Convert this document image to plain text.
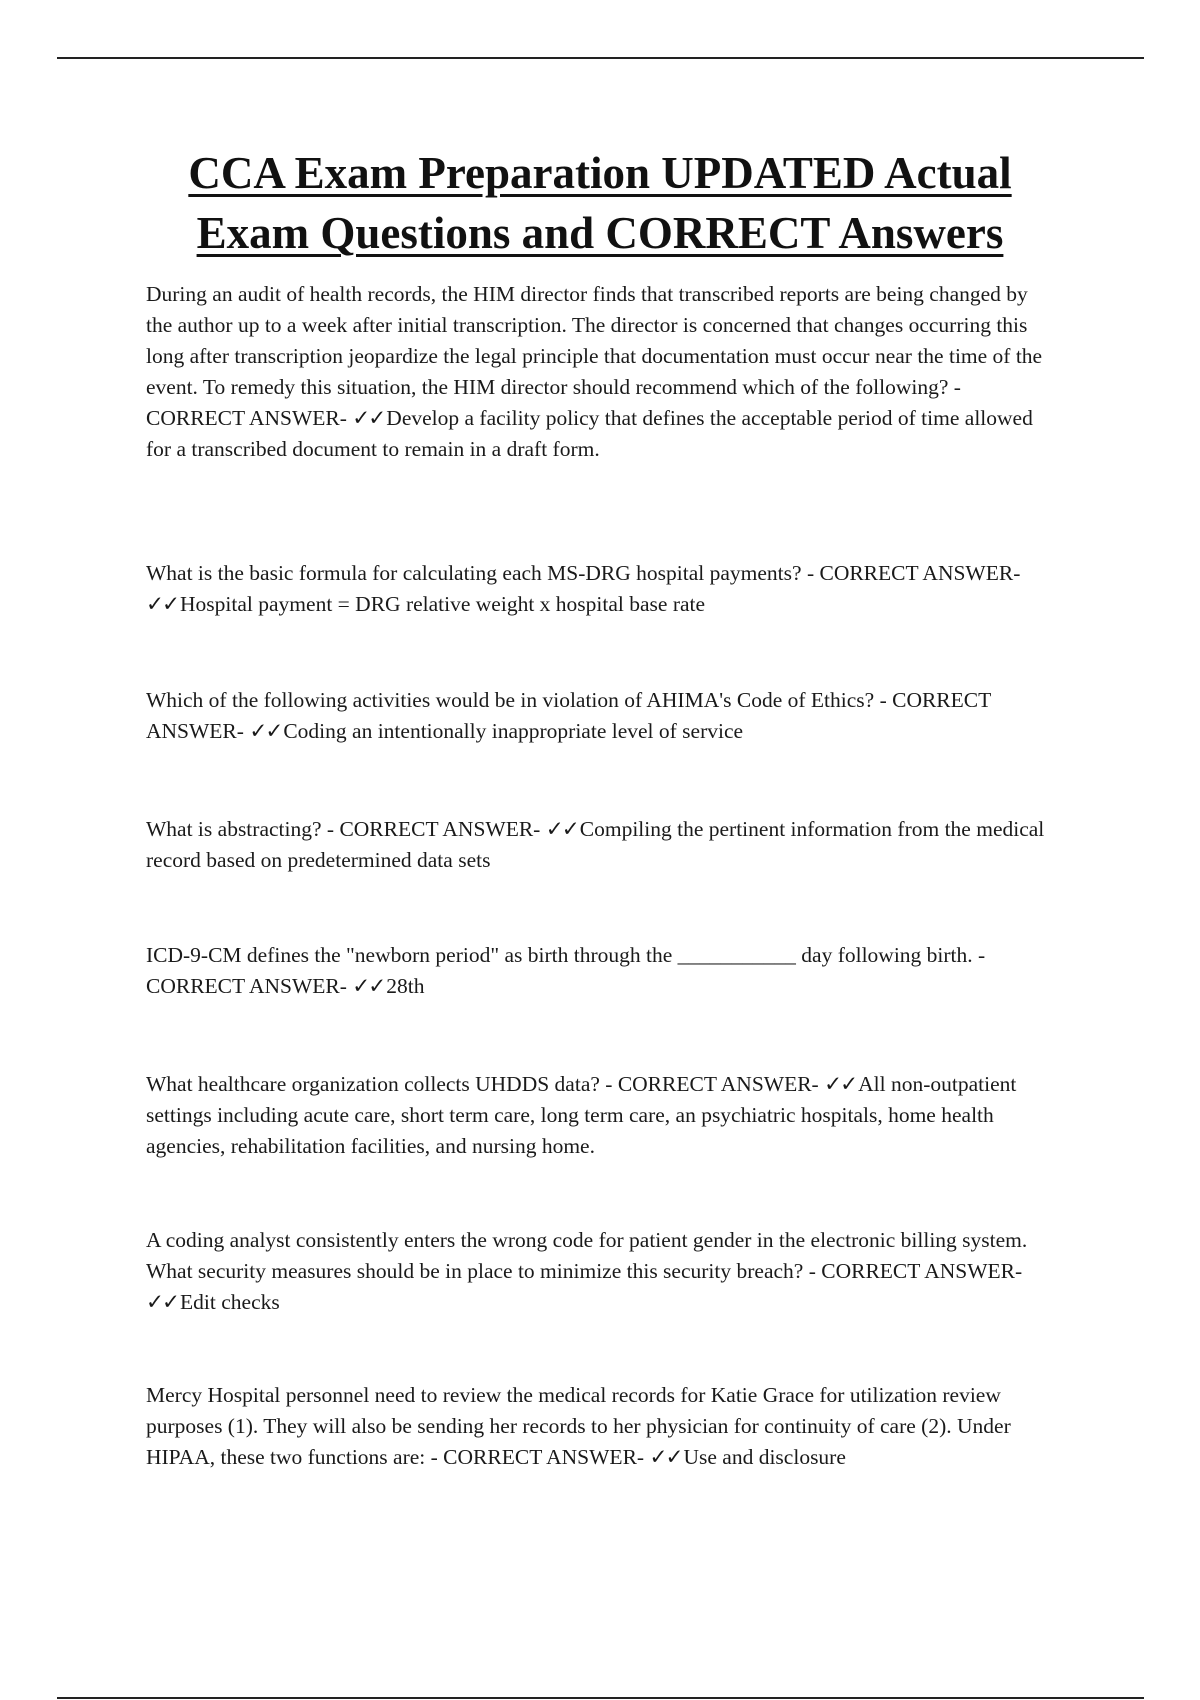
CCA Exam Preparation UPDATED Actual
Exam Questions and CORRECT Answers

During an audit of health records, the HIM director finds that transcribed reports are being changed by the author up to a week after initial transcription. The director is concerned that changes occurring this long after transcription jeopardize the legal principle that documentation must occur near the time of the event. To remedy this situation, the HIM director should recommend which of the following? - CORRECT ANSWER- ✓✓Develop a facility policy that defines the acceptable period of time allowed for a transcribed document to remain in a draft form.

What is the basic formula for calculating each MS-DRG hospital payments? - CORRECT ANSWER- ✓✓Hospital payment = DRG relative weight x hospital base rate

Which of the following activities would be in violation of AHIMA's Code of Ethics? - CORRECT ANSWER- ✓✓Coding an intentionally inappropriate level of service

What is abstracting? - CORRECT ANSWER- ✓✓Compiling the pertinent information from the medical record based on predetermined data sets

ICD-9-CM defines the "newborn period" as birth through the ___________ day following birth. - CORRECT ANSWER- ✓✓28th

What healthcare organization collects UHDDS data? - CORRECT ANSWER- ✓✓All non-outpatient settings including acute care, short term care, long term care, an psychiatric hospitals, home health agencies, rehabilitation facilities, and nursing home.

A coding analyst consistently enters the wrong code for patient gender in the electronic billing system. What security measures should be in place to minimize this security breach? - CORRECT ANSWER- ✓✓Edit checks

Mercy Hospital personnel need to review the medical records for Katie Grace for utilization review purposes (1). They will also be sending her records to her physician for continuity of care (2). Under HIPAA, these two functions are: - CORRECT ANSWER- ✓✓Use and disclosure
